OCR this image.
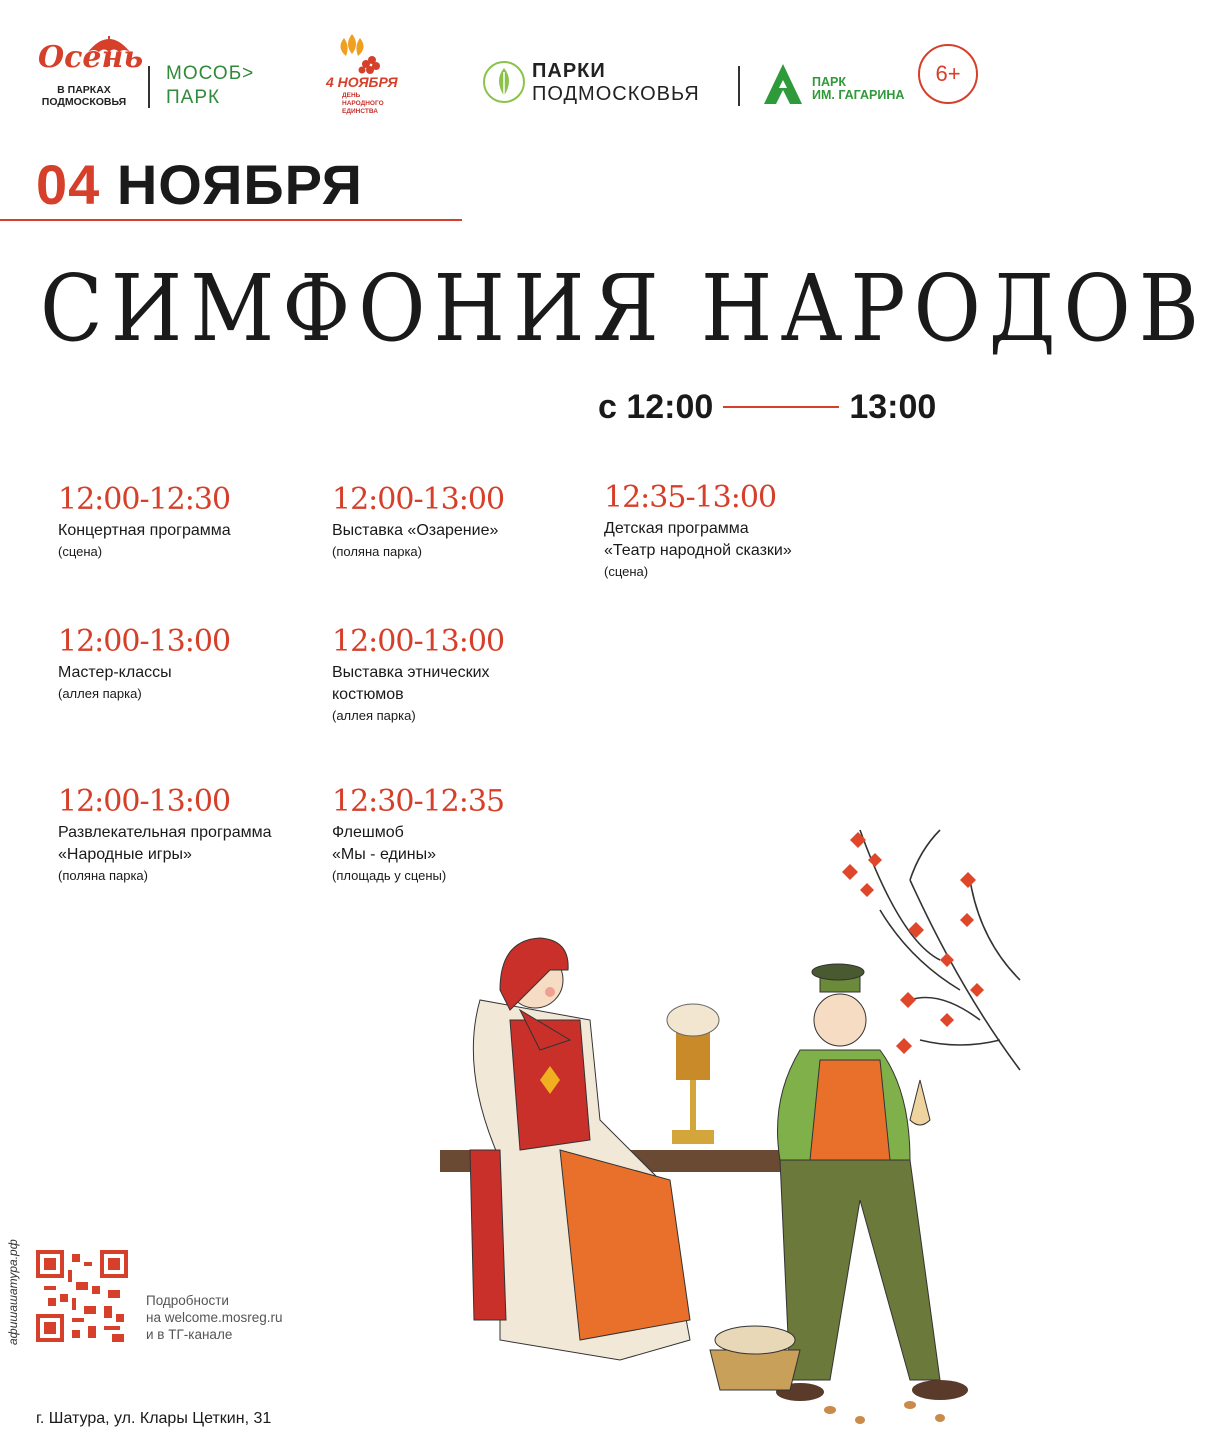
Осень
В ПАРКАХ
ПОДМОСКОВЬЯ
МОСОБ>
ПАРК
4 НОЯБРЯ
ДЕНЬ НАРОДНОГО ЕДИНСТВА
ПАРКИ
ПОДМОСКОВЬЯ
ПАРК
ИМ. ГАГАРИНА
6+
04 НОЯБРЯ
СИМФОНИЯ НАРОДОВ
с 12:00	13:00
12:00-12:30
Концертная программа
(сцена)
12:00-13:00
Выставка «Озарение»
(поляна парка)
12:35-13:00
Детская программа
«Театр народной сказки»
(сцена)
12:00-13:00
Мастер-классы
(аллея парка)
12:00-13:00
Выставка этнических
костюмов
(аллея парка)
12:00-13:00
Развлекательная программа
«Народные игры»
(поляна парка)
12:30-12:35
Флешмоб
«Мы - едины»
(площадь у сцены)
афишашатура.рф	Подробности
на welcome.mosreg.ru
и в ТГ-канале
г. Шатура, ул. Клары Цеткин, 31
